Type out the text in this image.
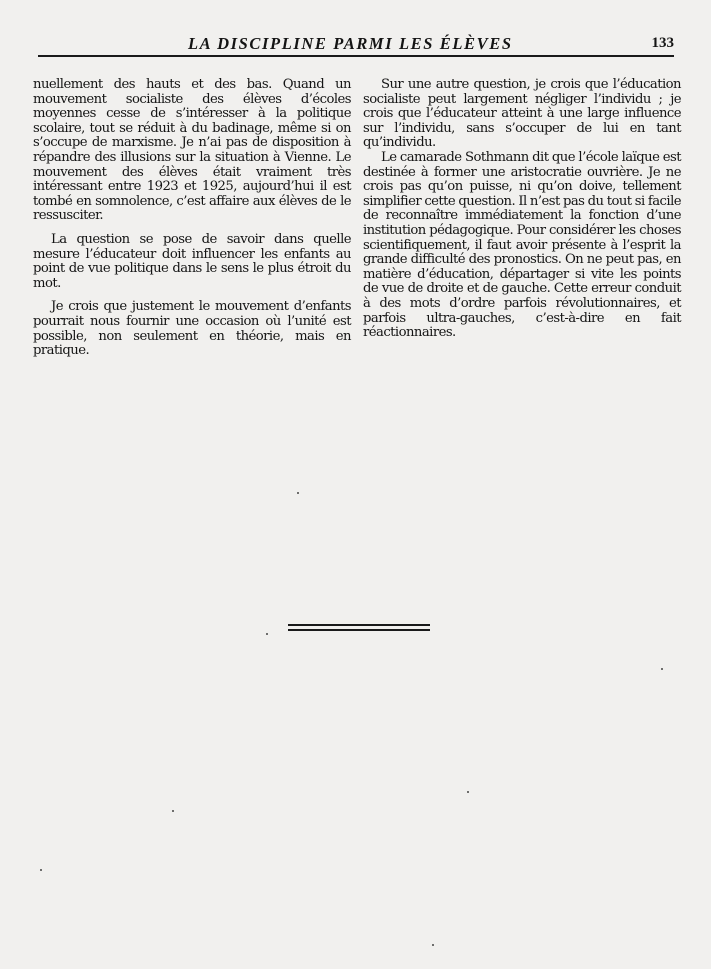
LA DISCIPLINE PARMI LES ÉLÈVES	133

nuellement des hauts et des bas. Quand un mouvement socialiste des élèves d’écoles moyennes cesse de s’intéresser à la politique scolaire, tout se réduit à du badinage, même si on s’occupe de marxisme. Je n’ai pas de disposition à répandre des illusions sur la situation à Vienne. Le mouvement des élèves était vraiment très intéressant entre 1923 et 1925, aujourd’hui il est tombé en somnolence, c’est affaire aux élèves de le ressusciter.

La question se pose de savoir dans quelle mesure l’éducateur doit influencer les enfants au point de vue politique dans le sens le plus étroit du mot.

Je crois que justement le mouvement d’enfants pourrait nous fournir une occasion où l’unité est possible, non seulement en théorie, mais en pratique.

Sur une autre question, je crois que l’éducation socialiste peut largement négliger l’individu ; je crois que l’éducateur atteint à une large influence sur l’individu, sans s’occuper de lui en tant qu’individu.

Le camarade Sothmann dit que l’école laïque est destinée à former une aristocratie ouvrière. Je ne crois pas qu’on puisse, ni qu’on doive, tellement simplifier cette question. Il n’est pas du tout si facile de reconnaître immédiatement la fonction d’une institution pédagogique. Pour considérer les choses scientifiquement, il faut avoir présente à l’esprit la grande difficulté des pronostics. On ne peut pas, en matière d’éducation, départager si vite les points de vue de droite et de gauche. Cette erreur conduit à des mots d’ordre parfois révolutionnaires, et parfois ultra-gauches, c’est-à-dire en fait réactionnaires.
